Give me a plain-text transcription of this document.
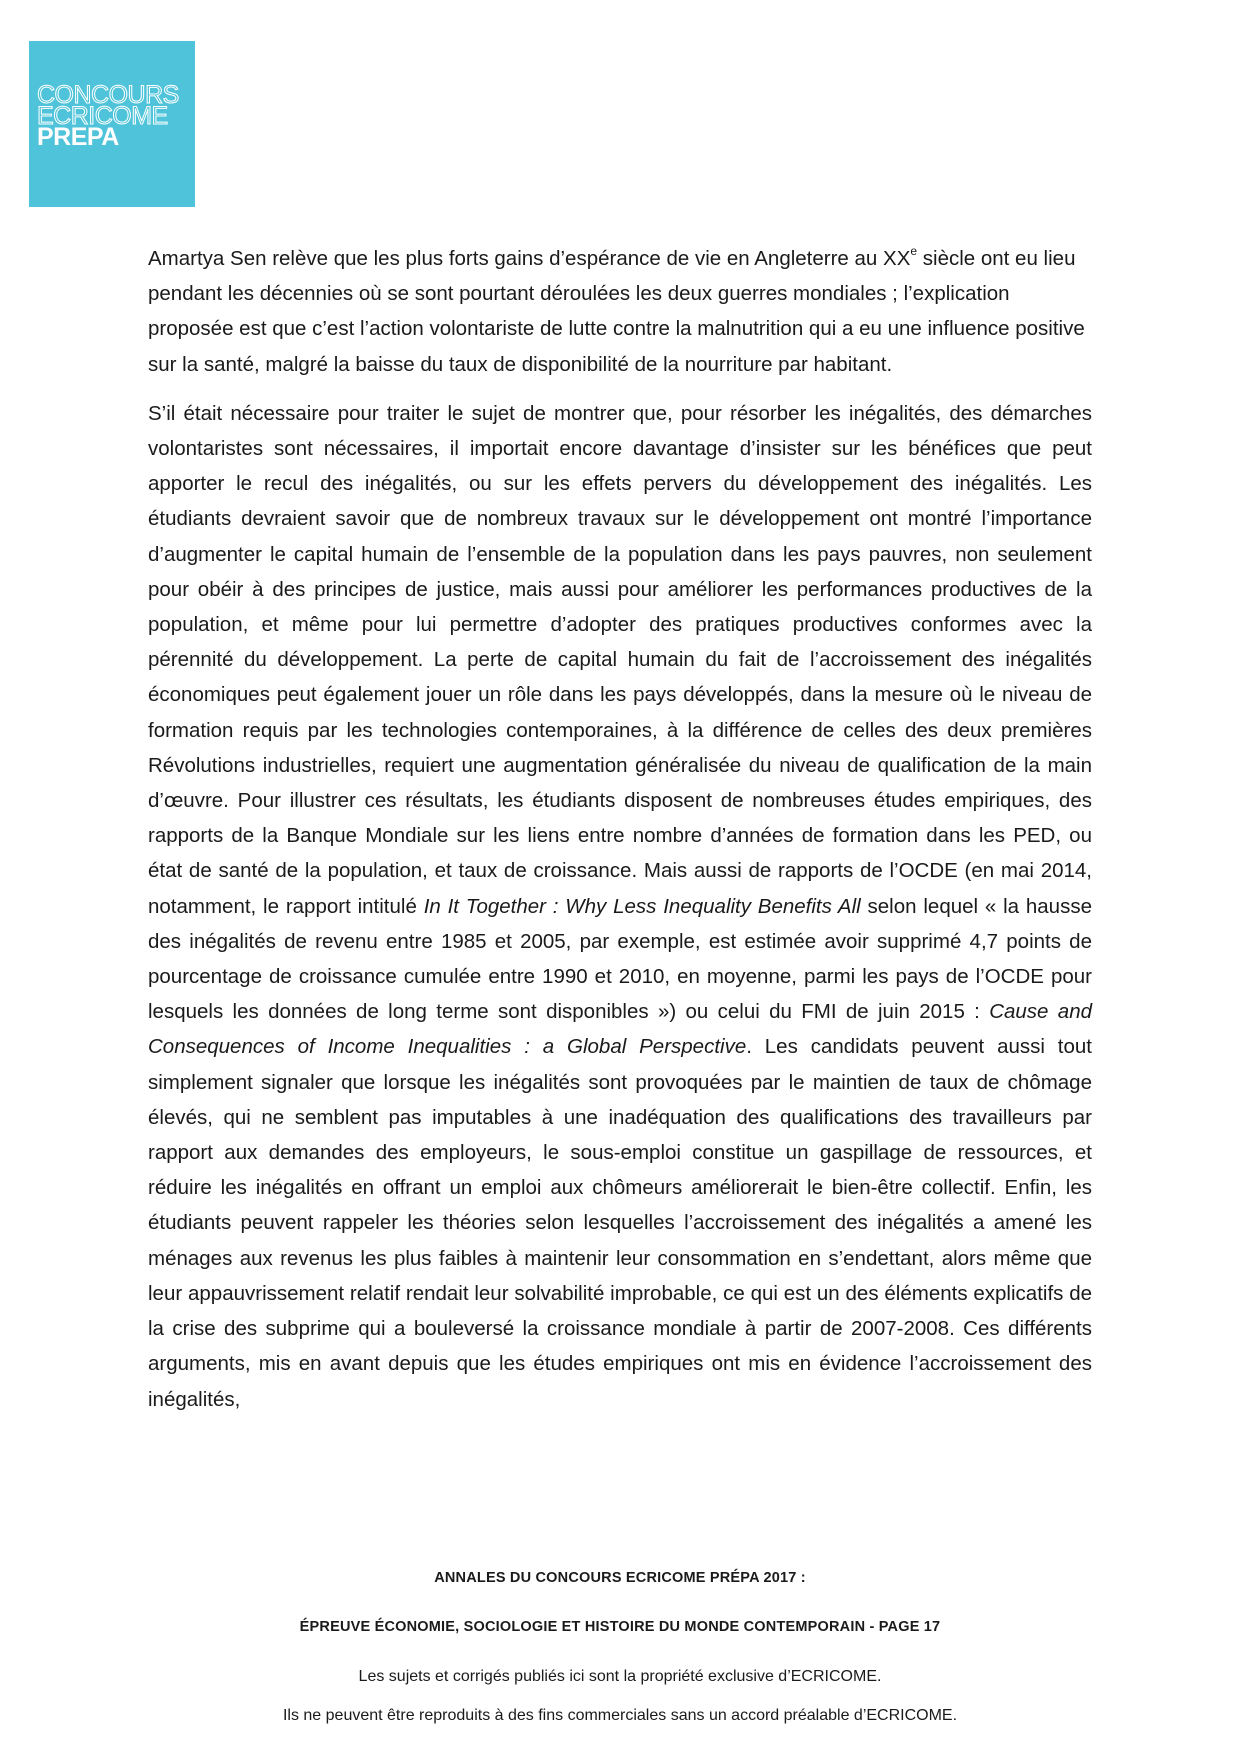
CONCOURS
ECRICOME
PREPA

Amartya Sen relève que les plus forts gains d’espérance de vie en Angleterre au XXe siècle ont eu lieu pendant les décennies où se sont pourtant déroulées les deux guerres mondiales ; l’explication proposée est que c’est l’action volontariste de lutte contre la malnutrition qui a eu une influence positive sur la santé, malgré la baisse du taux de disponibilité de la nourriture par habitant.

S’il était nécessaire pour traiter le sujet de montrer que, pour résorber les inégalités, des démarches volontaristes sont nécessaires, il importait encore davantage d’insister sur les bénéfices que peut apporter le recul des inégalités, ou sur les effets pervers du développement des inégalités. Les étudiants devraient savoir que de nombreux travaux sur le développement ont montré l’importance d’augmenter le capital humain de l’ensemble de la population dans les pays pauvres, non seulement pour obéir à des principes de justice, mais aussi pour améliorer les performances productives de la population, et même pour lui permettre d’adopter des pratiques productives conformes avec la pérennité du développement. La perte de capital humain du fait de l’accroissement des inégalités économiques peut également jouer un rôle dans les pays développés, dans la mesure où le niveau de formation requis par les technologies contemporaines, à la différence de celles des deux premières Révolutions industrielles, requiert une augmentation généralisée du niveau de qualification de la main d’œuvre. Pour illustrer ces résultats, les étudiants disposent de nombreuses études empiriques, des rapports de la Banque Mondiale sur les liens entre nombre d’années de formation dans les PED, ou état de santé de la population, et taux de croissance. Mais aussi de rapports de l’OCDE (en mai 2014, notamment, le rapport intitulé In It Together : Why Less Inequality Benefits All selon lequel « la hausse des inégalités de revenu entre 1985 et 2005, par exemple, est estimée avoir supprimé 4,7 points de pourcentage de croissance cumulée entre 1990 et 2010, en moyenne, parmi les pays de l’OCDE pour lesquels les données de long terme sont disponibles ») ou celui du FMI de juin 2015 : Cause and Consequences of Income Inequalities : a Global Perspective. Les candidats peuvent aussi tout simplement signaler que lorsque les inégalités sont provoquées par le maintien de taux de chômage élevés, qui ne semblent pas imputables à une inadéquation des qualifications des travailleurs par rapport aux demandes des employeurs, le sous-emploi constitue un gaspillage de ressources, et réduire les inégalités en offrant un emploi aux chômeurs améliorerait le bien-être collectif. Enfin, les étudiants peuvent rappeler les théories selon lesquelles l’accroissement des inégalités a amené les ménages aux revenus les plus faibles à maintenir leur consommation en s’endettant, alors même que leur appauvrissement relatif rendait leur solvabilité improbable, ce qui est un des éléments explicatifs de la crise des subprime qui a bouleversé la croissance mondiale à partir de 2007-2008. Ces différents arguments, mis en avant depuis que les études empiriques ont mis en évidence l’accroissement des inégalités,

ANNALES DU CONCOURS ECRICOME PRÉPA 2017 :
ÉPREUVE ÉCONOMIE, SOCIOLOGIE ET HISTOIRE DU MONDE CONTEMPORAIN - PAGE 17
Les sujets et corrigés publiés ici sont la propriété exclusive d’ECRICOME.
Ils ne peuvent être reproduits à des fins commerciales sans un accord préalable d’ECRICOME.
